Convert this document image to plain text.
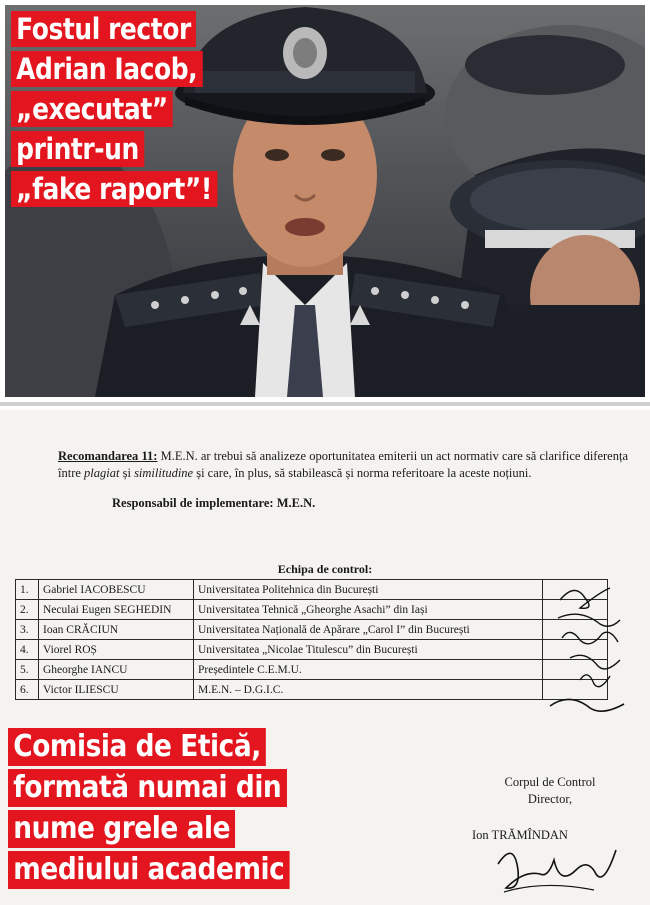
Fostul rector
Adrian Iacob,
„executat”
printr-un
„fake raport”!
Recomandarea 11: M.E.N. ar trebui să analizeze oportunitatea emiterii un act normativ care să clarifice diferența între plagiat și similitudine și care, în plus, să stabilească și norma referitoare la aceste noțiuni.
Responsabil de implementare: M.E.N.
Echipa de control:
1.	Gabriel IACOBESCU	Universitatea Politehnica din București	
2.	Neculai Eugen SEGHEDIN	Universitatea Tehnică „Gheorghe Asachi” din Iași	
3.	Ioan CRĂCIUN	Universitatea Națională de Apărare „Carol I” din București	
4.	Viorel ROȘ	Universitatea „Nicolae Titulescu” din București	
5.	Gheorghe IANCU	Președintele C.E.M.U.	
6.	Victor ILIESCU	M.E.N. – D.G.I.C.	
Comisia de Etică,
formată numai din
nume grele ale
mediului academic
Corpul de Control
Director,
Ion TRĂMÎNDAN
